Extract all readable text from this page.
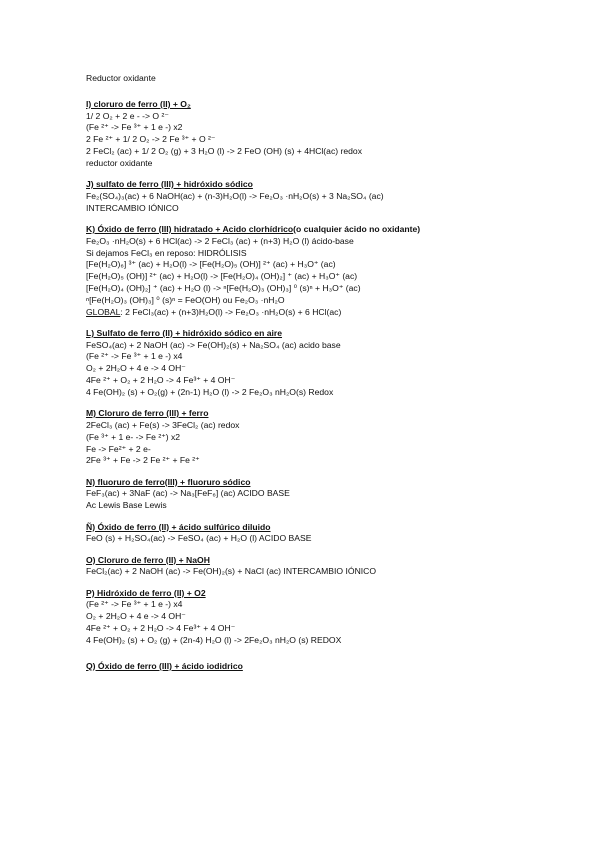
Reductor oxidante
I) cloruro de ferro (II) + O₂
1/ 2 O₂ + 2 e - -> O ²⁻
(Fe ²⁺ -> Fe ³⁺ + 1 e -) x2
2 Fe ²⁺ + 1/ 2 O₂ -> 2 Fe ³⁺ + O ²⁻
2 FeCl₂ (ac) + 1/ 2 O₂ (g) + 3 H₂O (l) -> 2 FeO (OH) (s) + 4HCl(ac) redox
reductor oxidante
J) sulfato de ferro (III) + hidróxido sódico
Fe₂(SO₄)₃(ac) + 6 NaOH(ac) + (n-3)H₂O(l) -> Fe₂O₃ ·nH₂O(s) + 3 Na₂SO₄ (ac)
INTERCAMBIO IÓNICO
K) Óxido de ferro (III) hidratado + Acido clorhídrico(o cualquier ácido no oxidante)
Fe₂O₃ ·nH₂O(s) + 6 HCl(ac) -> 2 FeCl₃ (ac) + (n+3) H₂O (l) ácido-base
Si dejamos FeCl₃ en reposo: HIDRÓLISIS
[Fe(H₂O)₆] ³⁺ (ac) + H₂O(l) -> [Fe(H₂O)₅ (OH)] ²⁺ (ac) + H₃O⁺ (ac)
[Fe(H₂O)₅ (OH)] ²⁺ (ac) + H₂O(l) -> [Fe(H₂O)₄ (OH)₂] ⁺ (ac) + H₃O⁺ (ac)
[Fe(H₂O)₄ (OH)₂] ⁺ (ac) + H₂O (l) -> ⁿ[Fe(H₂O)₃ (OH)₃] ⁰ (s)ⁿ + H₃O⁺ (ac)
ⁿ[Fe(H₂O)₃ (OH)₃] ⁰ (s)ⁿ = FeO(OH) ou Fe₂O₃ ·nH₂O
GLOBAL: 2 FeCl₃(ac) + (n+3)H₂O(l) -> Fe₂O₃ ·nH₂O(s) + 6 HCl(ac)
L) Sulfato de ferro (II) + hidróxido sódico en aire
FeSO₄(ac) + 2 NaOH (ac) -> Fe(OH)₂(s) + Na₂SO₄ (ac) acido base
(Fe ²⁺ -> Fe ³⁺ + 1 e -) x4
O₂ + 2H₂O + 4 e -> 4 OH⁻
4Fe ²⁺ + O₂ + 2 H₂O -> 4 Fe³⁺ + 4 OH⁻
4 Fe(OH)₂ (s) + O₂(g) + (2n-1) H₂O (l) -> 2 Fe₂O₃ nH₂O(s) Redox
M) Cloruro de ferro (III) + ferro
2FeCl₃ (ac) + Fe(s) -> 3FeCl₂ (ac) redox
(Fe ³⁺ + 1 e- -> Fe ²⁺) x2
Fe -> Fe²⁺ + 2 e-
2Fe ³⁺ + Fe -> 2 Fe ²⁺ + Fe ²⁺
N) fluoruro de ferro(III) + fluoruro sódico
FeF₃(ac) + 3NaF (ac) -> Na₃[FeF₆] (ac) ACIDO BASE
Ac Lewis Base Lewis
Ñ) Óxido de ferro (II) + ácido sulfúrico diluido
FeO (s) + H₂SO₄(ac) -> FeSO₄ (ac) + H₂O (l) ACIDO BASE
O) Cloruro de ferro (II) + NaOH
FeCl₂(ac) + 2 NaOH (ac) -> Fe(OH)₂(s) + NaCl (ac) INTERCAMBIO IÓNICO
P) Hidróxido de ferro (II) + O2
(Fe ²⁺ -> Fe ³⁺ + 1 e -) x4
O₂ + 2H₂O + 4 e -> 4 OH⁻
4Fe ²⁺ + O₂ + 2 H₂O -> 4 Fe³⁺ + 4 OH⁻
4 Fe(OH)₂ (s) + O₂ (g) + (2n-4) H₂O (l) -> 2Fe₂O₃ nH₂O (s) REDOX
Q) Óxido de ferro (III) + ácido iodidrico
